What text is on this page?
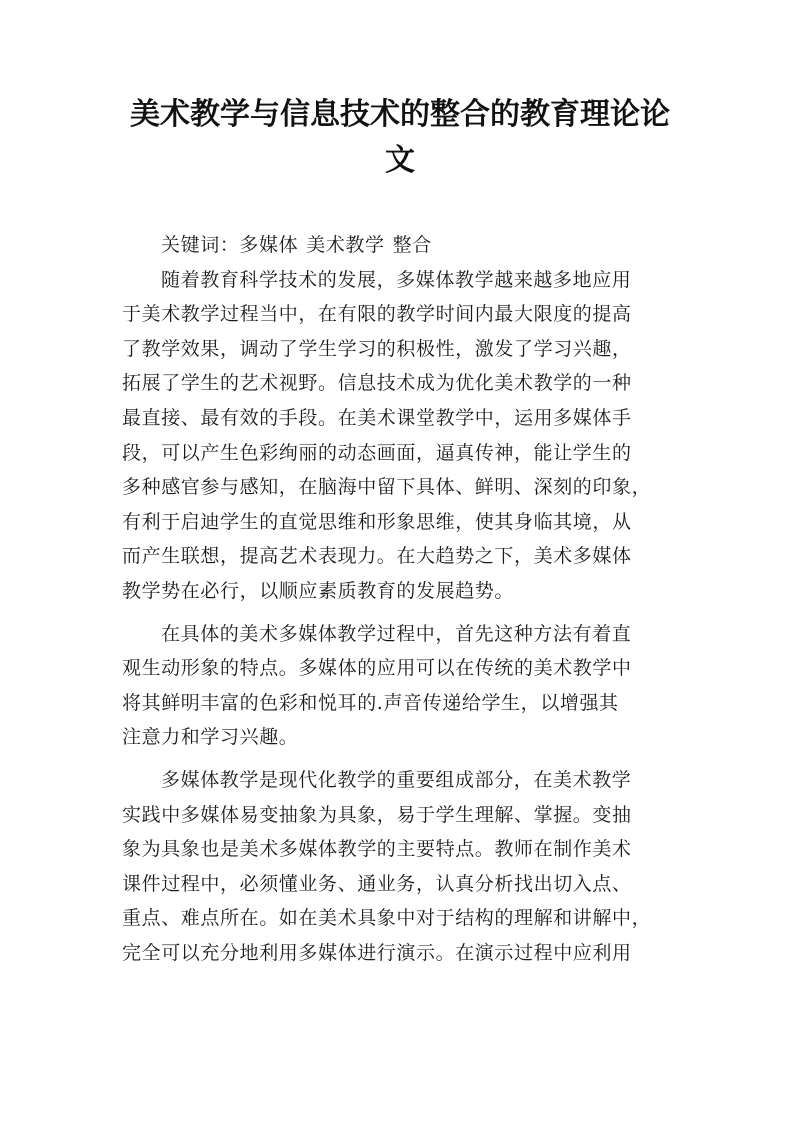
美术教学与信息技术的整合的教育理论论
文
关键词：多媒体 美术教学 整合
随着教育科学技术的发展，多媒体教学越来越多地应用
于美术教学过程当中，在有限的教学时间内最大限度的提高
了教学效果，调动了学生学习的积极性，激发了学习兴趣，
拓展了学生的艺术视野。信息技术成为优化美术教学的一种
最直接、最有效的手段。在美术课堂教学中，运用多媒体手
段，可以产生色彩绚丽的动态画面，逼真传神，能让学生的
多种感官参与感知，在脑海中留下具体、鲜明、深刻的印象，
有利于启迪学生的直觉思维和形象思维，使其身临其境，从
而产生联想，提高艺术表现力。在大趋势之下，美术多媒体
教学势在必行，以顺应素质教育的发展趋势。
在具体的美术多媒体教学过程中，首先这种方法有着直
观生动形象的特点。多媒体的应用可以在传统的美术教学中
将其鲜明丰富的色彩和悦耳的.声音传递给学生，以增强其
注意力和学习兴趣。
多媒体教学是现代化教学的重要组成部分，在美术教学
实践中多媒体易变抽象为具象，易于学生理解、掌握。变抽
象为具象也是美术多媒体教学的主要特点。教师在制作美术
课件过程中，必须懂业务、通业务，认真分析找出切入点、
重点、难点所在。如在美术具象中对于结构的理解和讲解中，
完全可以充分地利用多媒体进行演示。在演示过程中应利用
